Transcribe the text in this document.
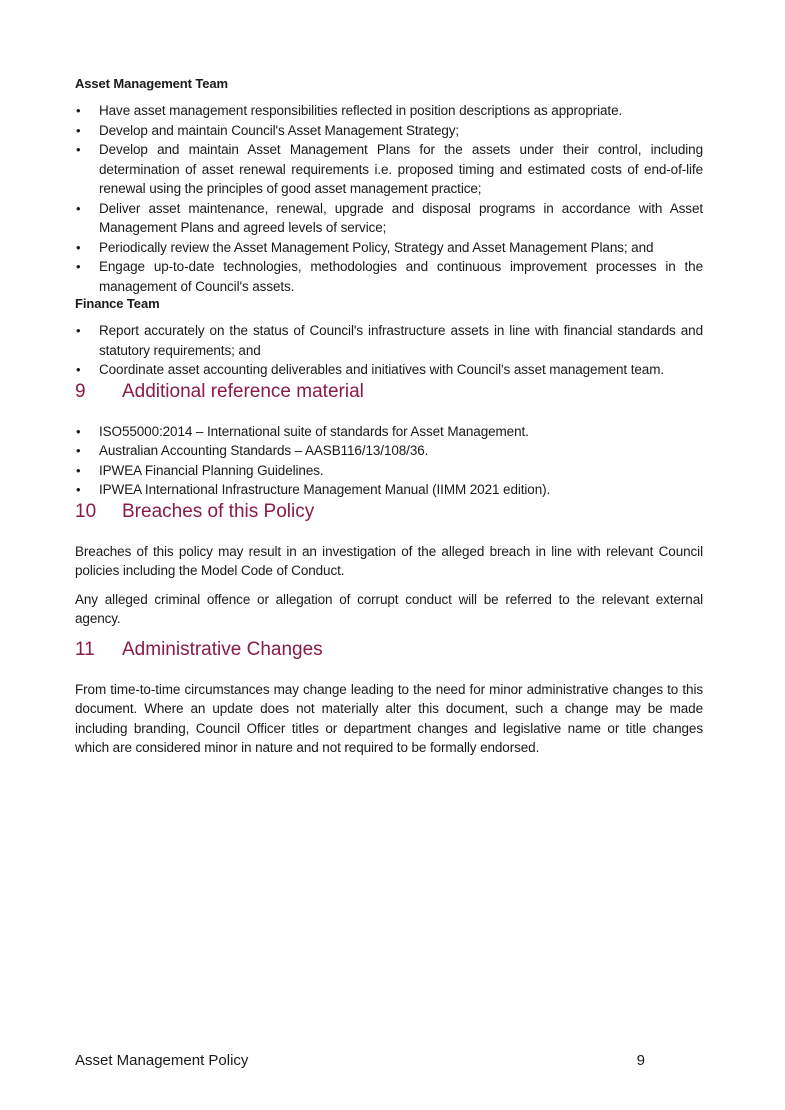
Asset Management Team
• Have asset management responsibilities reflected in position descriptions as appropriate.
• Develop and maintain Council's Asset Management Strategy;
• Develop and maintain Asset Management Plans for the assets under their control, including determination of asset renewal requirements i.e. proposed timing and estimated costs of end-of-life renewal using the principles of good asset management practice;
• Deliver asset maintenance, renewal, upgrade and disposal programs in accordance with Asset Management Plans and agreed levels of service;
• Periodically review the Asset Management Policy, Strategy and Asset Management Plans; and
• Engage up-to-date technologies, methodologies and continuous improvement processes in the management of Council's assets.
Finance Team
• Report accurately on the status of Council's infrastructure assets in line with financial standards and statutory requirements; and
• Coordinate asset accounting deliverables and initiatives with Council's asset management team.
9	Additional reference material
• ISO55000:2014 – International suite of standards for Asset Management.
• Australian Accounting Standards – AASB116/13/108/36.
• IPWEA Financial Planning Guidelines.
• IPWEA International Infrastructure Management Manual (IIMM 2021 edition).
10	Breaches of this Policy

Breaches of this policy may result in an investigation of the alleged breach in line with relevant Council policies including the Model Code of Conduct.

Any alleged criminal offence or allegation of corrupt conduct will be referred to the relevant external agency.

11	Administrative Changes

From time-to-time circumstances may change leading to the need for minor administrative changes to this document. Where an update does not materially alter this document, such a change may be made including branding, Council Officer titles or department changes and legislative name or title changes which are considered minor in nature and not required to be formally endorsed.

Asset Management Policy	9
